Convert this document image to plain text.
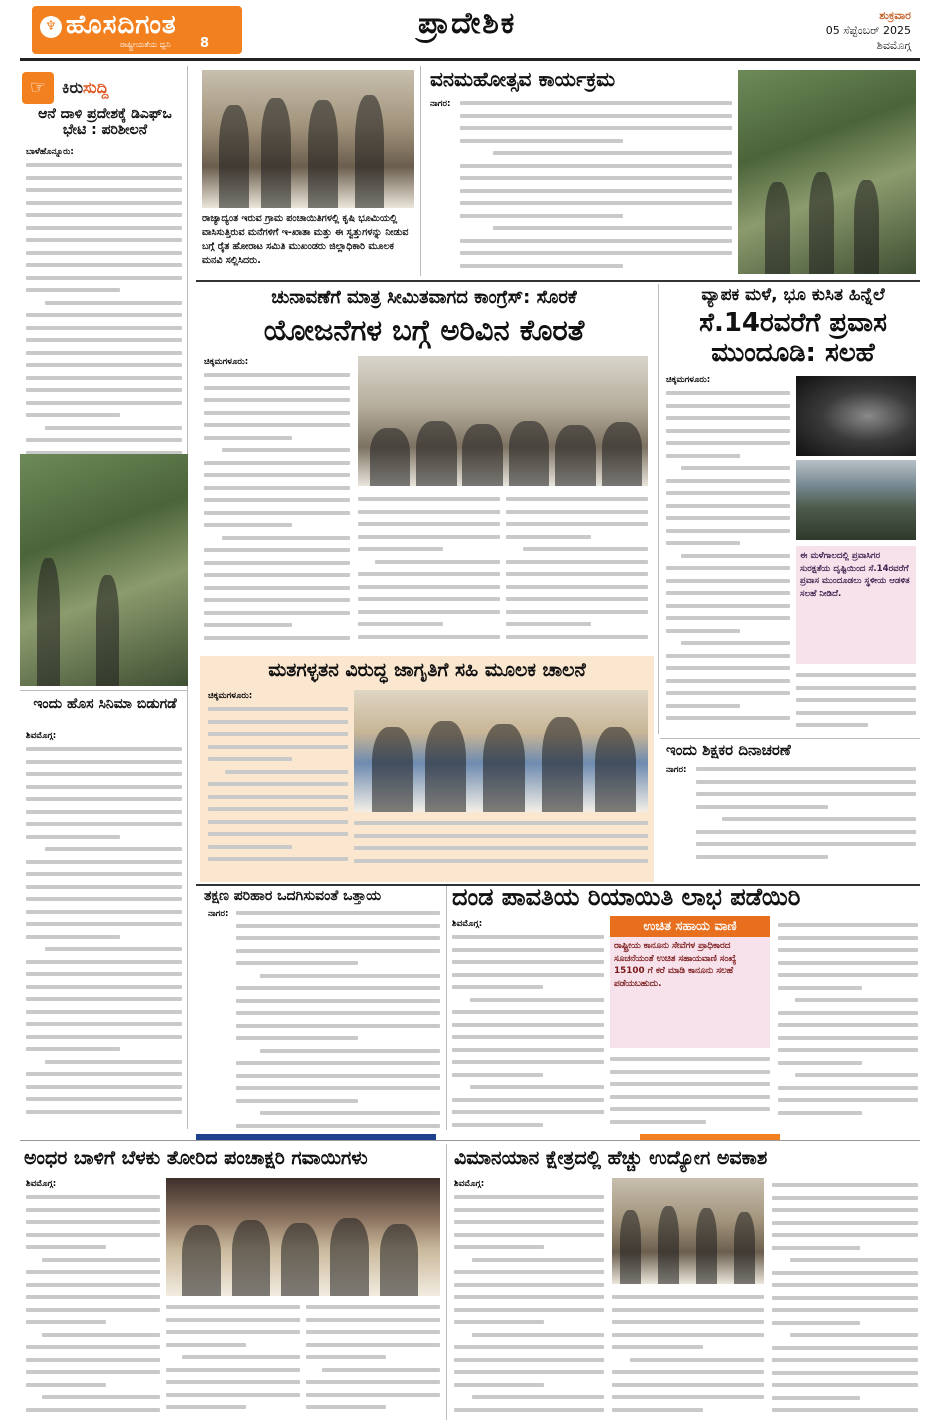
♆ ಹೊಸದಿಗಂತ
ರಾಷ್ಟ್ರೀಯತೆಯ ಧ್ವನಿ 8
ಪ್ರಾದೇಶಿಕ	ಶುಕ್ರವಾರ
05 ಸೆಪ್ಟೆಂಬರ್ 2025
ಶಿವಮೊಗ್ಗ
☞ ಕಿರುಸುದ್ದಿ
ಆನೆ ದಾಳಿ ಪ್ರದೇಶಕ್ಕೆ ಡಿಎಫ್‌ಒ ಭೇಟಿ : ಪರಿಶೀಲನೆ
ಬಾಳೆಹೊನ್ನೂರು:
ಇಂದು ಹೊಸ ಸಿನಿಮಾ ಬಿಡುಗಡೆ
ಶಿವಮೊಗ್ಗ:
ರಾಜ್ಯಾದ್ಯಂತ ಇರುವ ಗ್ರಾಮ ಪಂಚಾಯಿತಿಗಳಲ್ಲಿ ಕೃಷಿ ಭೂಮಿಯಲ್ಲಿ ವಾಸಿಸುತ್ತಿರುವ ಮನೆಗಳಿಗೆ ಇ-ಖಾತಾ ಮತ್ತು ಈ ಸ್ವತ್ತುಗಳನ್ನು ನೀಡುವ ಬಗ್ಗೆ ರೈತ ಹೋರಾಟ ಸಮಿತಿ ಮುಖಂಡರು ಜಿಲ್ಲಾಧಿಕಾರಿ ಮೂಲಕ ಮನವಿ ಸಲ್ಲಿಸಿದರು.
ವನಮಹೋತ್ಸವ ಕಾರ್ಯಕ್ರಮ
ನಾಗರ:
ಚುನಾವಣೆಗೆ ಮಾತ್ರ ಸೀಮಿತವಾಗದ ಕಾಂಗ್ರೆಸ್: ಸೊರಕೆ
ಯೋಜನೆಗಳ ಬಗ್ಗೆ ಅರಿವಿನ ಕೊರತೆ
ಚಿಕ್ಕಮಗಳೂರು:
ವ್ಯಾಪಕ ಮಳೆ, ಭೂ ಕುಸಿತ ಹಿನ್ನೆಲೆ
ಸೆ.14ರವರೆಗೆ ಪ್ರವಾಸ ಮುಂದೂಡಿ: ಸಲಹೆ
ಚಿಕ್ಕಮಗಳೂರು:
ಈ ಮಳೆಗಾಲದಲ್ಲಿ ಪ್ರವಾಸಿಗರ ಸುರಕ್ಷತೆಯ ದೃಷ್ಟಿಯಿಂದ ಸೆ.14ರವರೆಗೆ ಪ್ರವಾಸ ಮುಂದೂಡಲು ಸ್ಥಳೀಯ ಆಡಳಿತ ಸಲಹೆ ನೀಡಿದೆ.
ಮತಗಳ್ಳತನ ವಿರುದ್ಧ ಜಾಗೃತಿಗೆ ಸಹಿ ಮೂಲಕ ಚಾಲನೆ
ಚಿಕ್ಕಮಗಳೂರು:
ಇಂದು ಶಿಕ್ಷಕರ ದಿನಾಚರಣೆ
ನಾಗರ:
ತಕ್ಷಣ ಪರಿಹಾರ ಒದಗಿಸುವಂತೆ ಒತ್ತಾಯ
ನಾಗರ:
ದಂಡ ಪಾವತಿಯ ರಿಯಾಯಿತಿ ಲಾಭ ಪಡೆಯಿರಿ
ಶಿವಮೊಗ್ಗ:	ಉಚಿತ ಸಹಾಯ ವಾಣಿ
ರಾಷ್ಟ್ರೀಯ ಕಾನೂನು ಸೇವೆಗಳ ಪ್ರಾಧಿಕಾರದ ಸೂಚನೆಯಂತೆ ಉಚಿತ ಸಹಾಯವಾಣಿ ಸಂಖ್ಯೆ 15100 ಗೆ ಕರೆ ಮಾಡಿ ಕಾನೂನು ಸಲಹೆ ಪಡೆಯಬಹುದು.
ಅಂಧರ ಬಾಳಿಗೆ ಬೆಳಕು ತೋರಿದ ಪಂಚಾಕ್ಷರಿ ಗವಾಯಿಗಳು
ಶಿವಮೊಗ್ಗ:
ವಿಮಾನಯಾನ ಕ್ಷೇತ್ರದಲ್ಲಿ ಹೆಚ್ಚು ಉದ್ಯೋಗ ಅವಕಾಶ
ಶಿವಮೊಗ್ಗ:
